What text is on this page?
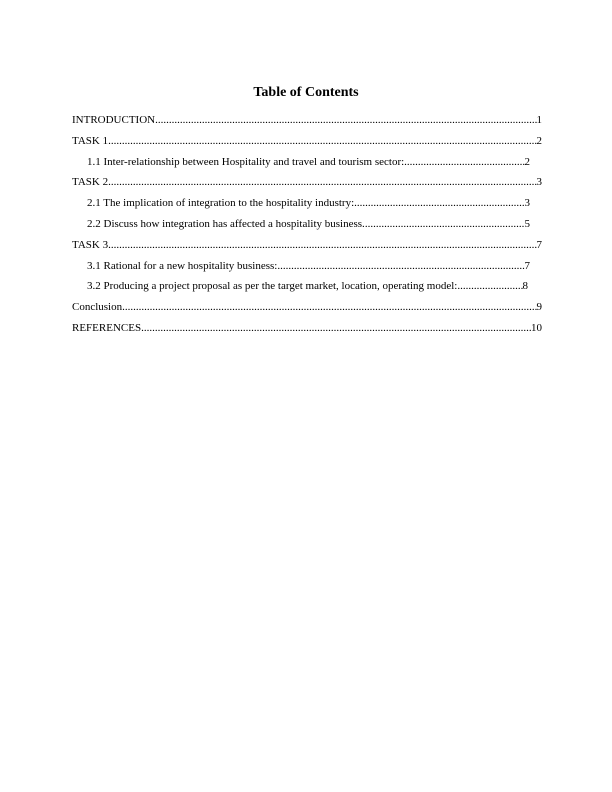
Table of Contents
INTRODUCTION .....	1
TASK 1 .....	2
1.1 Inter-relationship between Hospitality and travel and tourism sector: .....	2
TASK 2 .....	3
2.1 The implication of integration to the hospitality industry: .....	3
2.2 Discuss how integration has affected a hospitality business. .....	5
TASK 3 .....	7
3.1 Rational for a new hospitality business: .....	7
3.2 Producing a project proposal as per the target market, location, operating model: .....	8
Conclusion .....	9
REFERENCES .....	10
